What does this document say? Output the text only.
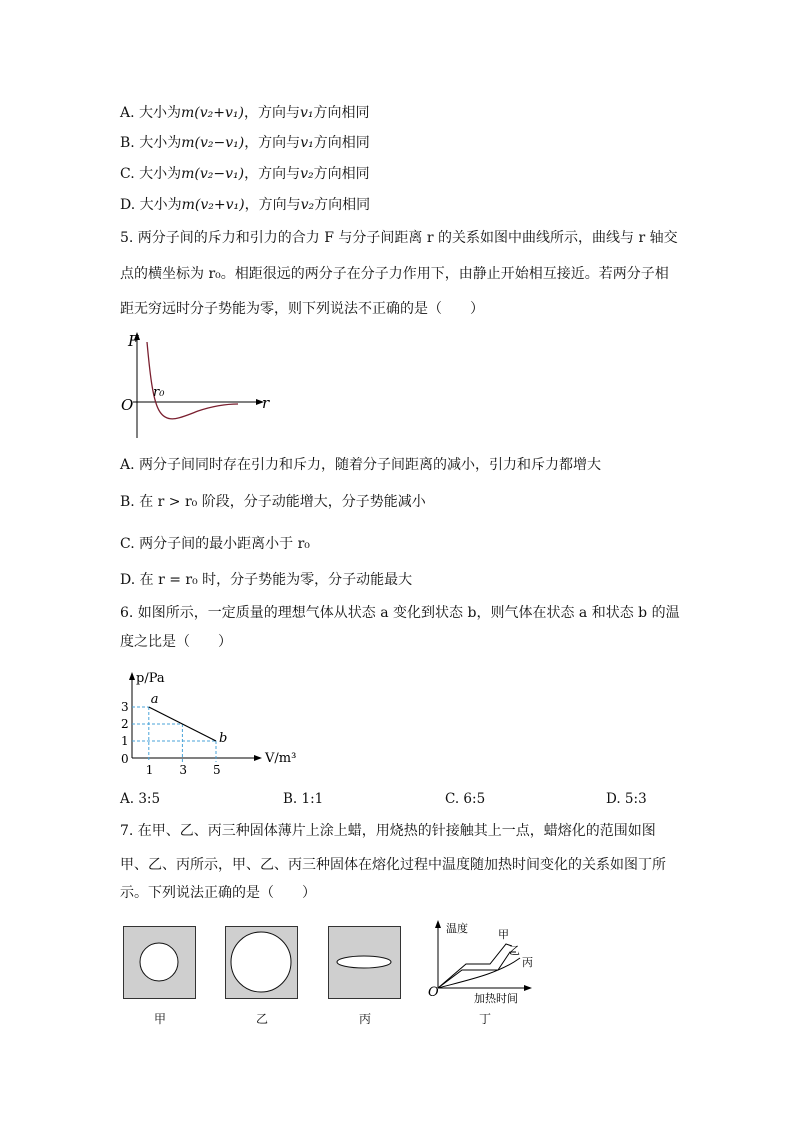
A. 大小为m(v₂+v₁)，方向与v₁方向相同
B. 大小为m(v₂−v₁)，方向与v₁方向相同
C. 大小为m(v₂−v₁)，方向与v₂方向相同
D. 大小为m(v₂+v₁)，方向与v₂方向相同
5. 两分子间的斥力和引力的合力 F 与分子间距离 r 的关系如图中曲线所示，曲线与 r 轴交
点的横坐标为 r₀。相距很远的两分子在分子力作用下，由静止开始相互接近。若两分子相
距无穷远时分子势能为零，则下列说法不正确的是（　　）
F
r
O
r₀
A. 两分子间同时存在引力和斥力，随着分子间距离的减小，引力和斥力都增大
B. 在 r > r₀ 阶段，分子动能增大，分子势能减小
C. 两分子间的最小距离小于 r₀
D. 在 r = r₀ 时，分子势能为零，分子动能最大
6. 如图所示，一定质量的理想气体从状态 a 变化到状态 b，则气体在状态 a 和状态 b 的温
度之比是（　　）
1
2
3
1 3 5
a
b
p/Pa
V/m³
0
A. 3:5	B. 1:1	C. 6:5	D. 5:3
7. 在甲、乙、丙三种固体薄片上涂上蜡，用烧热的针接触其上一点，蜡熔化的范围如图
甲、乙、丙所示，甲、乙、丙三种固体在熔化过程中温度随加热时间变化的关系如图丁所
示。下列说法正确的是（　　）
甲	乙	丙	丁
温度
加热时间
O
甲
乙
丙
